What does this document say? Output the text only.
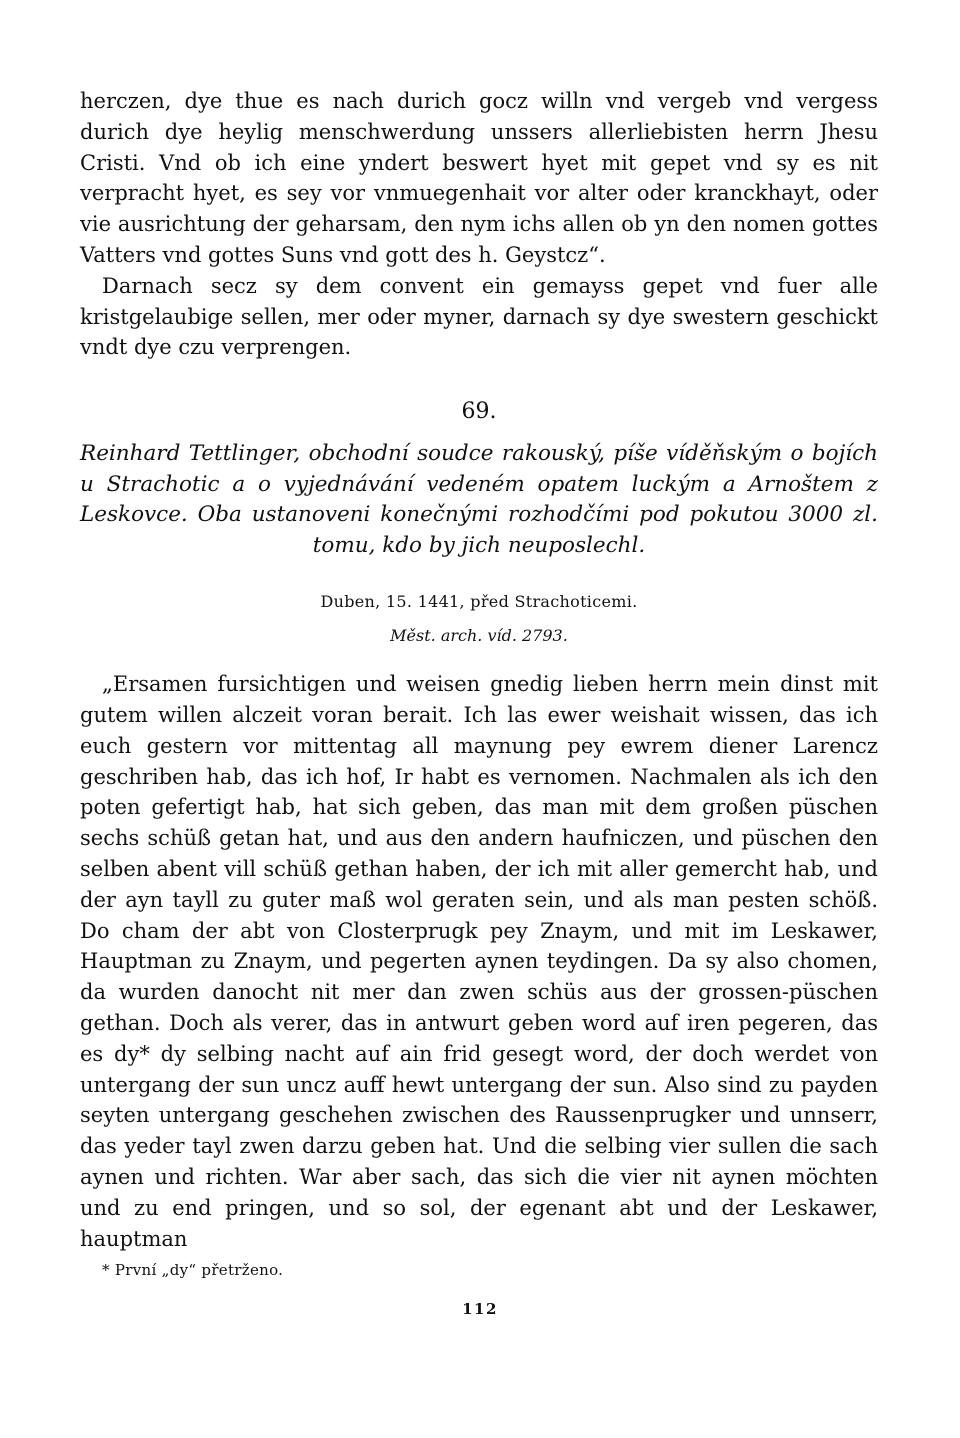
herczen, dye thue es nach durich gocz willn vnd vergeb vnd vergess durich dye heylig menschwerdung unssers allerliebisten herrn Jhesu Cristi. Vnd ob ich eine yndert beswert hyet mit gepet vnd sy es nit verpracht hyet, es sey vor vnmuegenhait vor alter oder kranckhayt, oder vie ausrichtung der geharsam, den nym ichs allen ob yn den nomen gottes Vatters vnd gottes Suns vnd gott des h. Geystcz“.

Darnach secz sy dem convent ein gemayss gepet vnd fuer alle kristgelaubige sellen, mer oder myner, darnach sy dye swestern geschickt vndt dye czu verprengen.

69.

Reinhard Tettlinger, obchodní soudce rakouský, píše víděňským o bojích u Strachotic a o vyjednávání vedeném opatem luckým a Arnoštem z Leskovce. Oba ustanoveni konečnými rozhodčími pod pokutou 3000 zl. tomu, kdo by jich neuposlechl.

Duben, 15. 1441, před Strachoticemi.

Měst. arch. víd. 2793.

„Ersamen fursichtigen und weisen gnedig lieben herrn mein dinst mit gutem willen alczeit voran berait. Ich las ewer weishait wissen, das ich euch gestern vor mittentag all maynung pey ewrem diener Larencz geschriben hab, das ich hof, Ir habt es vernomen. Nachmalen als ich den poten gefertigt hab, hat sich geben, das man mit dem großen püschen sechs schüß getan hat, und aus den andern haufniczen, und püschen den selben abent vill schüß gethan haben, der ich mit aller gemercht hab, und der ayn tayll zu guter maß wol geraten sein, und als man pesten schöß. Do cham der abt von Closterprugk pey Znaym, und mit im Leskawer, Hauptman zu Znaym, und pegerten aynen teydingen. Da sy also chomen, da wurden danocht nit mer dan zwen schüs aus der grossen-püschen gethan. Doch als verer, das in antwurt geben word auf iren pegeren, das es dy* dy selbing nacht auf ain frid gesegt word, der doch werdet von untergang der sun uncz auff hewt untergang der sun. Also sind zu payden seyten untergang geschehen zwischen des Raussenprugker und unnserr, das yeder tayl zwen darzu geben hat. Und die selbing vier sullen die sach aynen und richten. War aber sach, das sich die vier nit aynen möchten und zu end pringen, und so sol, der egenant abt und der Leskawer, hauptman

* První „dy“ přetrženo.

112
